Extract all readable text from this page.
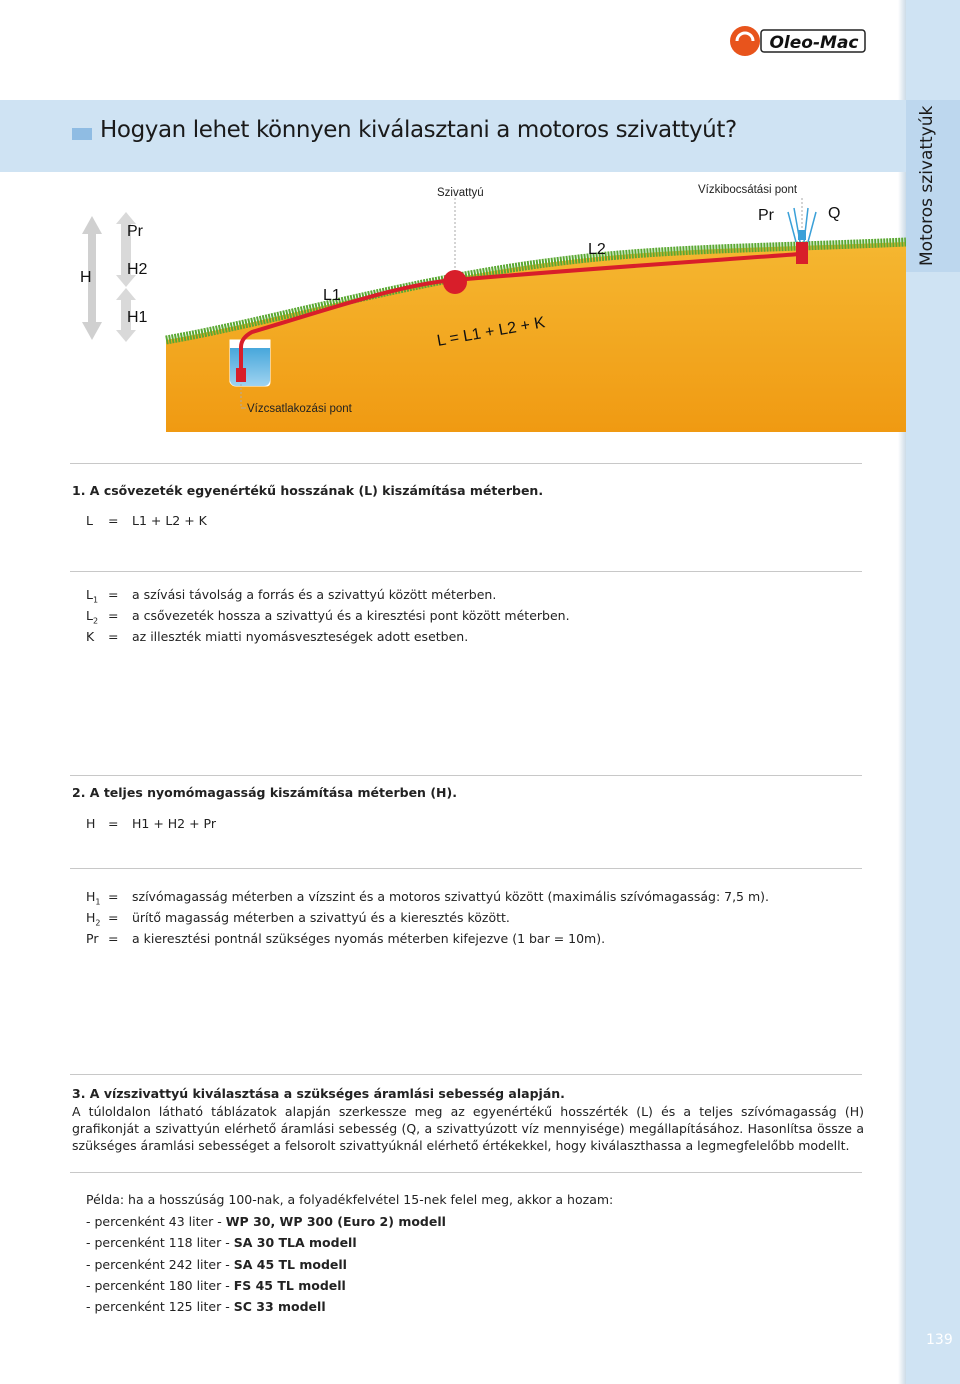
Motoros szivattyúk
139
Oleo-Mac
Hogyan lehet könnyen kiválasztani a motoros szivattyút?
H
Pr
H2
H1
L1
L2
Szivattyú	Vízkibocsátási pont
Pr	Q
L = L1 + L2 + K
Vízcsatlakozási pont
1. A csővezeték egyenértékű hosszának (L) kiszámítása méterben.
L = L1 + L2 + K
$L_1 = a$ szívási távolság a forrás és a szivattyú között méterben.
$L_2 = a$ csővezeték hossza a szivattyú és a kiresztési pont között méterben.
K = az illeszték miatti nyomásveszteségek adott esetben.
2. A teljes nyomómagasság kiszámítása méterben (H).
H = H1 + H2 + Pr
$H_1$ = szívómagasság méterben a vízszint és a motoros szivattyú között (maximális szívómagasság: 7,5 m).
$H_2$ = ürítő magasság méterben a szivattyú és a kieresztés között.
Pr = a kieresztési pontnál szükséges nyomás méterben kifejezve (1 bar = 10m).
3. A vízszivattyú kiválasztása a szükséges áramlási sebesség alapján.
A túloldalon látható táblázatok alapján szerkessze meg az egyenértékű hosszérték (L) és a teljes szívómagasság (H) grafikonját a szivattyún elérhető áramlási sebesség (Q, a szivattyúzott víz mennyisége) megállapításához. Hasonlítsa össze a szükséges áramlási sebességet a felsorolt szivattyúknál elérhető értékekkel, hogy kiválaszthassa a legmegfelelőbb modellt.
Példa: ha a hosszúság 100-nak, a folyadékfelvétel 15-nek felel meg, akkor a hozam:
- percenként 43 liter - WP 30, WP 300 (Euro 2) modell
- percenként 118 liter - SA 30 TLA modell
- percenként 242 liter - SA 45 TL modell
- percenként 180 liter - FS 45 TL modell
- percenként 125 liter - SC 33 modell
